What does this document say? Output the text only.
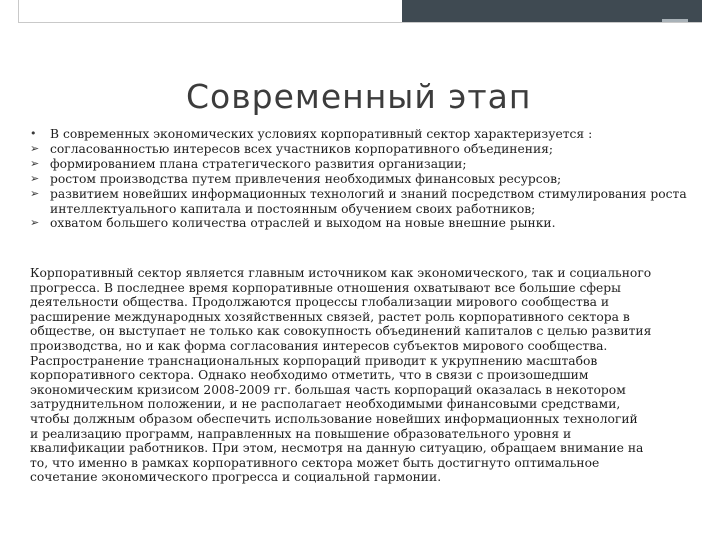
Современный этап
•	В современных экономических условиях корпоративный сектор характеризуется :
➢ согласованностью интересов всех участников корпоративного объединения;
➢ формированием плана стратегического развития организации;
➢ ростом производства путем привлечения необходимых финансовых ресурсов;
➢ развитием новейших информационных технологий и знаний посредством стимулирования роста интеллектуального капитала и постоянным обучением своих работников;
➢ охватом большего количества отраслей и выходом на новые внешние рынки.
Корпоративный сектор является главным источником как экономического, так и социального
прогресса. В последнее время корпоративные отношения охватывают все большие сферы
деятельности общества. Продолжаются процессы глобализации мирового сообщества и
расширение международных хозяйственных связей, растет роль корпоративного сектора в
обществе, он выступает не только как совокупность объединений капиталов с целью развития
производства, но и как форма согласования интересов субъектов мирового сообщества.
Распространение транснациональных корпораций приводит к укрупнению масштабов
корпоративного сектора. Однако необходимо отметить, что в связи с произошедшим
экономическим кризисом 2008-2009 гг. большая часть корпораций оказалась в некотором
затруднительном положении, и не располагает необходимыми финансовыми средствами,
чтобы должным образом обеспечить использование новейших информационных технологий
и реализацию программ, направленных на повышение образовательного уровня и
квалификации работников. При этом, несмотря на данную ситуацию, обращаем внимание на
то, что именно в рамках корпоративного сектора может быть достигнуто оптимальное
сочетание экономического прогресса и социальной гармонии.
